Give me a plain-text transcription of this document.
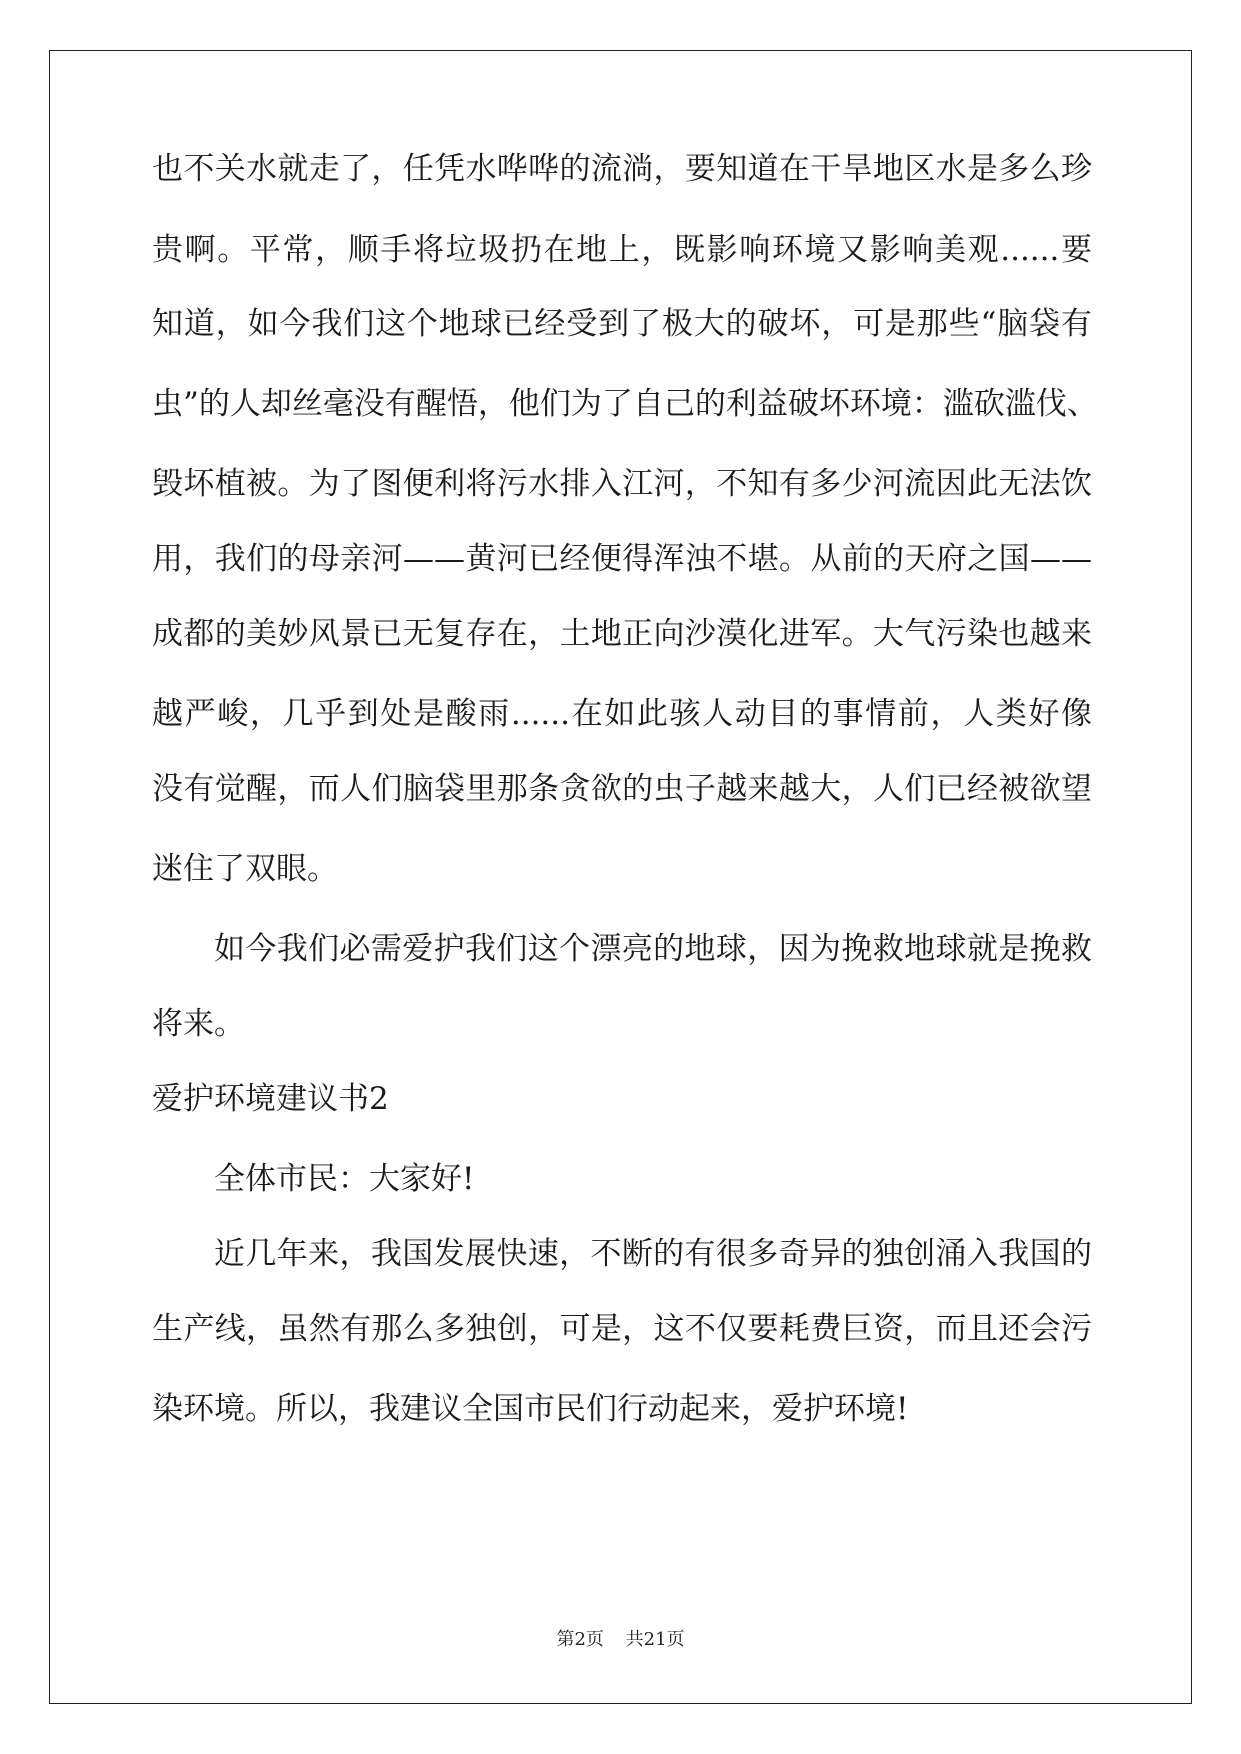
也不关水就走了，任凭水哗哗的流淌，要知道在干旱地区水是多么珍

贵啊。平常，顺手将垃圾扔在地上，既影响环境又影响美观......要

知道，如今我们这个地球已经受到了极大的破坏，可是那些“脑袋有

虫”的人却丝毫没有醒悟，他们为了自己的利益破坏环境：滥砍滥伐、

毁坏植被。为了图便利将污水排入江河，不知有多少河流因此无法饮

用，我们的母亲河——黄河已经便得浑浊不堪。从前的天府之国——

成都的美妙风景已无复存在，土地正向沙漠化进军。大气污染也越来

越严峻，几乎到处是酸雨......在如此骇人动目的事情前，人类好像

没有觉醒，而人们脑袋里那条贪欲的虫子越来越大，人们已经被欲望

迷住了双眼。

如今我们必需爱护我们这个漂亮的地球，因为挽救地球就是挽救

将来。

爱护环境建议书2

全体市民：大家好!

近几年来，我国发展快速，不断的有很多奇异的独创涌入我国的

生产线，虽然有那么多独创，可是，这不仅要耗费巨资，而且还会污

染环境。所以，我建议全国市民们行动起来，爱护环境!

第2页 共21页
